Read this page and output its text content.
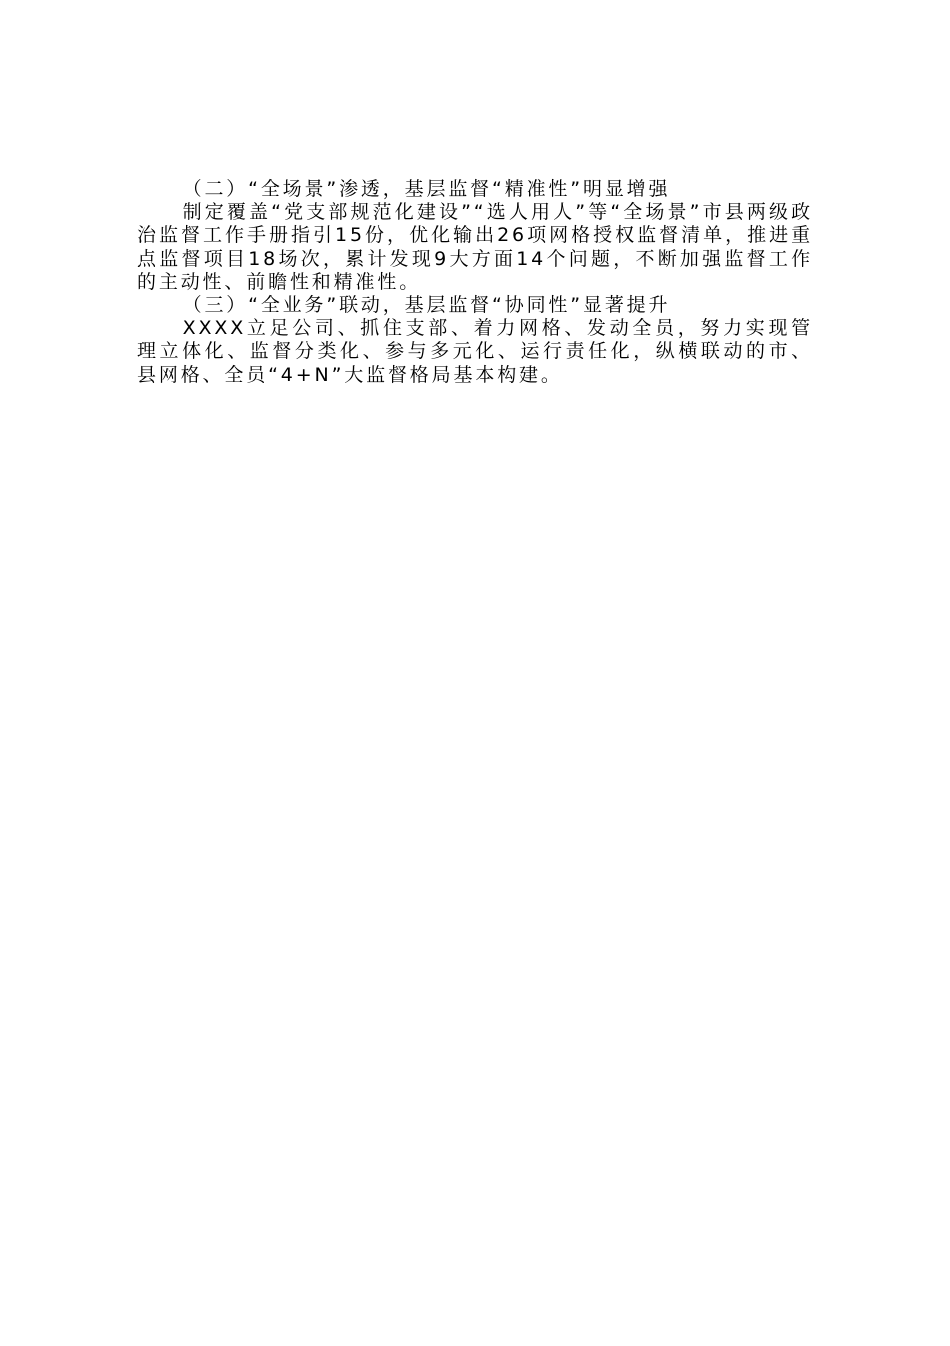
（二）“全场景”渗透，基层监督“精准性”明显增强

制定覆盖“党支部规范化建设”“选人用人”等“全场景”市县两级政治监督工作手册指引15份，优化输出26项网格授权监督清单，推进重点监督项目18场次，累计发现9大方面14个问题，不断加强监督工作的主动性、前瞻性和精准性。

（三）“全业务”联动，基层监督“协同性”显著提升

XXXX立足公司、抓住支部、着力网格、发动全员，努力实现管理立体化、监督分类化、参与多元化、运行责任化，纵横联动的市、县网格、全员“4+N”大监督格局基本构建。
